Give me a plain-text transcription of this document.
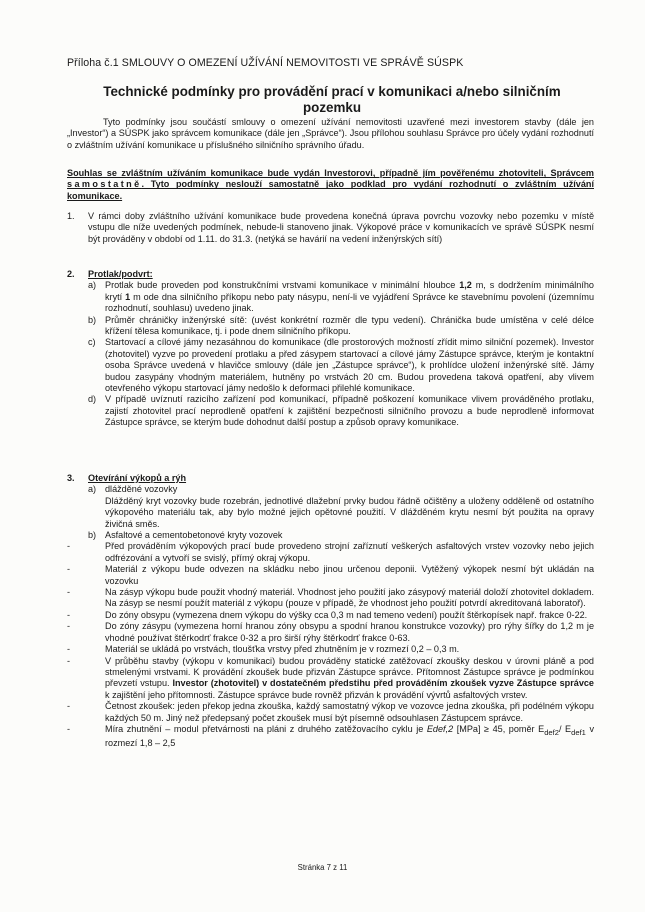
Příloha č.1 SMLOUVY O OMEZENÍ UŽÍVÁNÍ NEMOVITOSTI VE SPRÁVĚ SÚSPK
Technické podmínky pro provádění prací v komunikaci a/nebo silničním
pozemku

Tyto podmínky jsou součástí smlouvy o omezení užívání nemovitosti uzavřené mezi investorem stavby (dále jen „Investor“) a SÚSPK jako správcem komunikace (dále jen „Správce“). Jsou přílohou souhlasu Správce pro účely vydání rozhodnutí o zvláštním užívání komunikace u příslušného silničního správního úřadu.

Souhlas se zvláštním užíváním komunikace bude vydán Investorovi, případně jím pověřenému zhotoviteli, Správcem samostatně. Tyto podmínky neslouží samostatně jako podklad pro vydání rozhodnutí o zvláštním užívání komunikace.
1.	V rámci doby zvláštního užívání komunikace bude provedena konečná úprava povrchu vozovky nebo pozemku v místě vstupu dle níže uvedených podmínek, nebude-li stanoveno jinak. Výkopové práce v komunikacích ve správě SÚSPK nesmí být prováděny v období od 1.11. do 31.3. (netýká se havárií na vedení inženýrských sítí)
2.	Protlak/podvrt:
a) Protlak bude proveden pod konstrukčními vrstvami komunikace v minimální hloubce 1,2 m, s dodržením minimálního krytí 1 m ode dna silničního příkopu nebo paty násypu, není-li ve vyjádření Správce ke stavebnímu povolení (územnímu rozhodnutí, souhlasu) uvedeno jinak.
b) Průměr chráničky inženýrské sítě: (uvést konkrétní rozměr dle typu vedení). Chránička bude umístěna v celé délce křížení tělesa komunikace, tj. i pode dnem silničního příkopu.
c)	Startovací a cílové jámy nezasáhnou do komunikace (dle prostorových možností zřídit mimo silniční pozemek). Investor (zhotovitel) vyzve po provedení protlaku a před zásypem startovací a cílové jámy Zástupce správce, kterým je kontaktní osoba Správce uvedená v hlavičce smlouvy (dále jen „Zástupce správce“), k prohlídce uložení inženýrské sítě. Jámy budou zasypány vhodným materiálem, hutněny po vrstvách 20 cm. Budou provedena taková opatření, aby vlivem otevřeného výkopu startovací jámy nedošlo k deformaci přilehlé komunikace.
d) V případě uvíznutí razicího zařízení pod komunikací, případně poškození komunikace vlivem prováděného protlaku, zajistí zhotovitel prací neprodleně opatření k zajištění bezpečnosti silničního provozu a bude neprodleně informovat Zástupce správce, se kterým bude dohodnut další postup a způsob opravy komunikace.
3.	Otevírání výkopů a rýh
a) dlážděné vozovky
Dlážděný kryt vozovky bude rozebrán, jednotlivé dlažební prvky budou řádně očištěny a uloženy odděleně od ostatního výkopového materiálu tak, aby bylo možné jejich opětovné použití. V dlážděném krytu nesmí být použita na opravy živičná směs.
b) Asfaltové a cementobetonové kryty vozovek
-	Před prováděním výkopových prací bude provedeno strojní zaříznutí veškerých asfaltových vrstev vozovky nebo jejich odfrézování a vytvoří se svislý, přímý okraj výkopu.
-	Materiál z výkopu bude odvezen na skládku nebo jinou určenou deponii. Vytěžený výkopek nesmí být ukládán na vozovku
-	Na zásyp výkopu bude použit vhodný materiál. Vhodnost jeho použití jako zásypový materiál doloží zhotovitel dokladem. Na zásyp se nesmí použít materiál z výkopu (pouze v případě, že vhodnost jeho použití potvrdí akreditovaná laboratoř).
-	Do zóny obsypu (vymezena dnem výkopu do výšky cca 0,3 m nad temeno vedení) použít štěrkopísek např. frakce 0-22.
-	Do zóny zásypu (vymezena horní hranou zóny obsypu a spodní hranou konstrukce vozovky) pro rýhy šířky do 1,2 m je vhodné používat štěrkodrť frakce 0-32 a pro širší rýhy štěrkodrť frakce 0-63.
-	Materiál se ukládá po vrstvách, tloušťka vrstvy před zhutněním je v rozmezí 0,2 – 0,3 m.
-	V průběhu stavby (výkopu v komunikaci) budou prováděny statické zatěžovací zkoušky deskou v úrovni pláně a pod stmelenými vrstvami. K provádění zkoušek bude přizván Zástupce správce. Přítomnost Zástupce správce je podmínkou převzetí vstupu. Investor (zhotovitel) v dostatečném předstihu před prováděním zkoušek vyzve Zástupce správce k zajištění jeho přítomnosti. Zástupce správce bude rovněž přizván k provádění vývrtů asfaltových vrstev.
-	Četnost zkoušek: jeden překop jedna zkouška, každý samostatný výkop ve vozovce jedna zkouška, při podélném výkopu každých 50 m. Jiný než předepsaný počet zkoušek musí být písemně odsouhlasen Zástupcem správce.
-	Míra zhutnění – modul přetvárnosti na pláni z druhého zatěžovacího cyklu je Edef,2 [MPa] ≥ 45, poměr $E_{def2}/$ $E_{def1}$ v rozmezí 1,8 – 2,5
Stránka 7 z 11
